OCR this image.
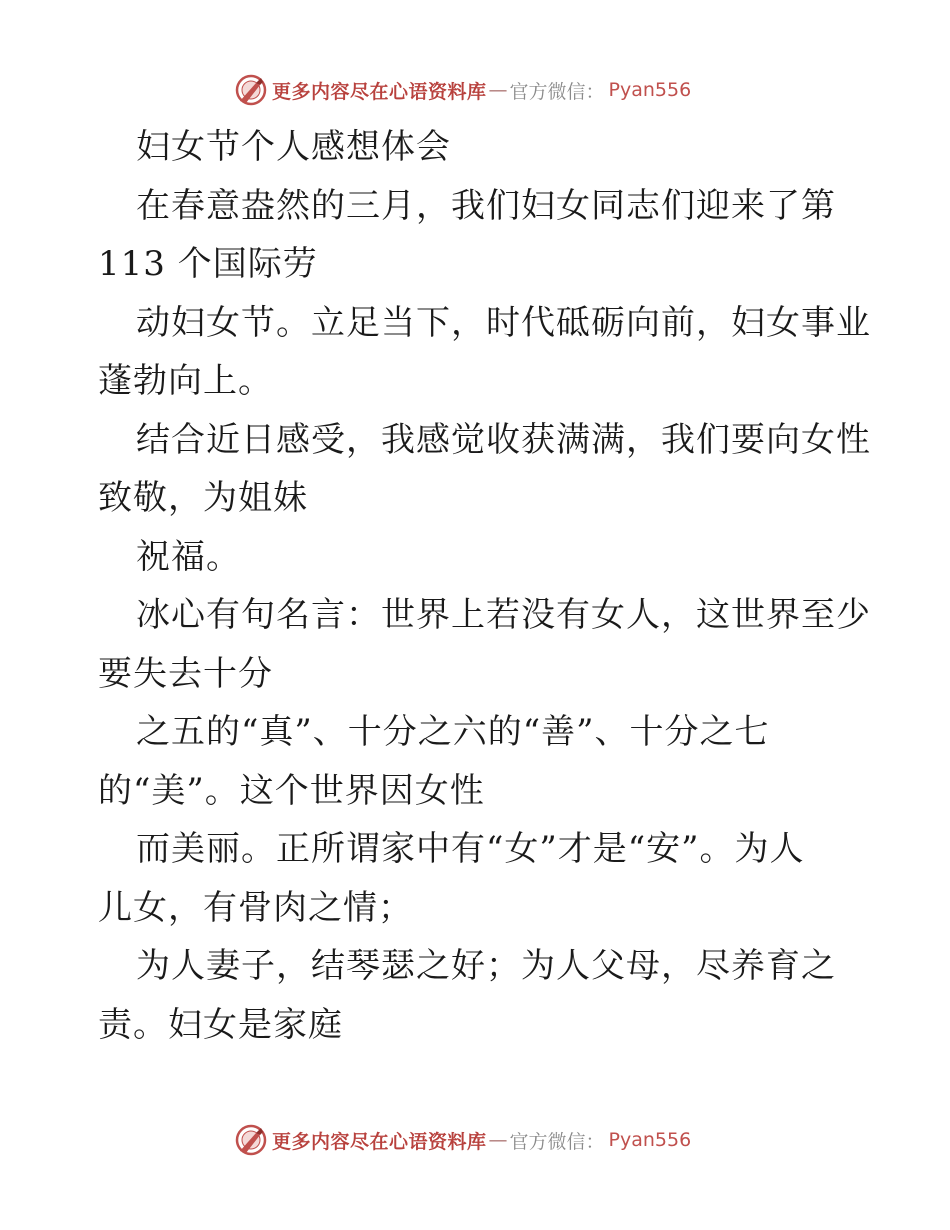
更多内容尽在心语资料库 — 官方微信： Pyan556
妇女节个人感想体会
在春意盎然的三月，我们妇女同志们迎来了第
113 个国际劳
动妇女节。立足当下，时代砥砺向前，妇女事业
蓬勃向上。
结合近日感受，我感觉收获满满，我们要向女性
致敬，为姐妹
祝福。
冰心有句名言：世界上若没有女人，这世界至少
要失去十分
之五的“真”、十分之六的“善”、十分之七
的“美”。这个世界因女性
而美丽。正所谓家中有“女”才是“安”。为人
儿女，有骨肉之情；
为人妻子，结琴瑟之好；为人父母，尽养育之
责。妇女是家庭
更多内容尽在心语资料库 — 官方微信： Pyan556
